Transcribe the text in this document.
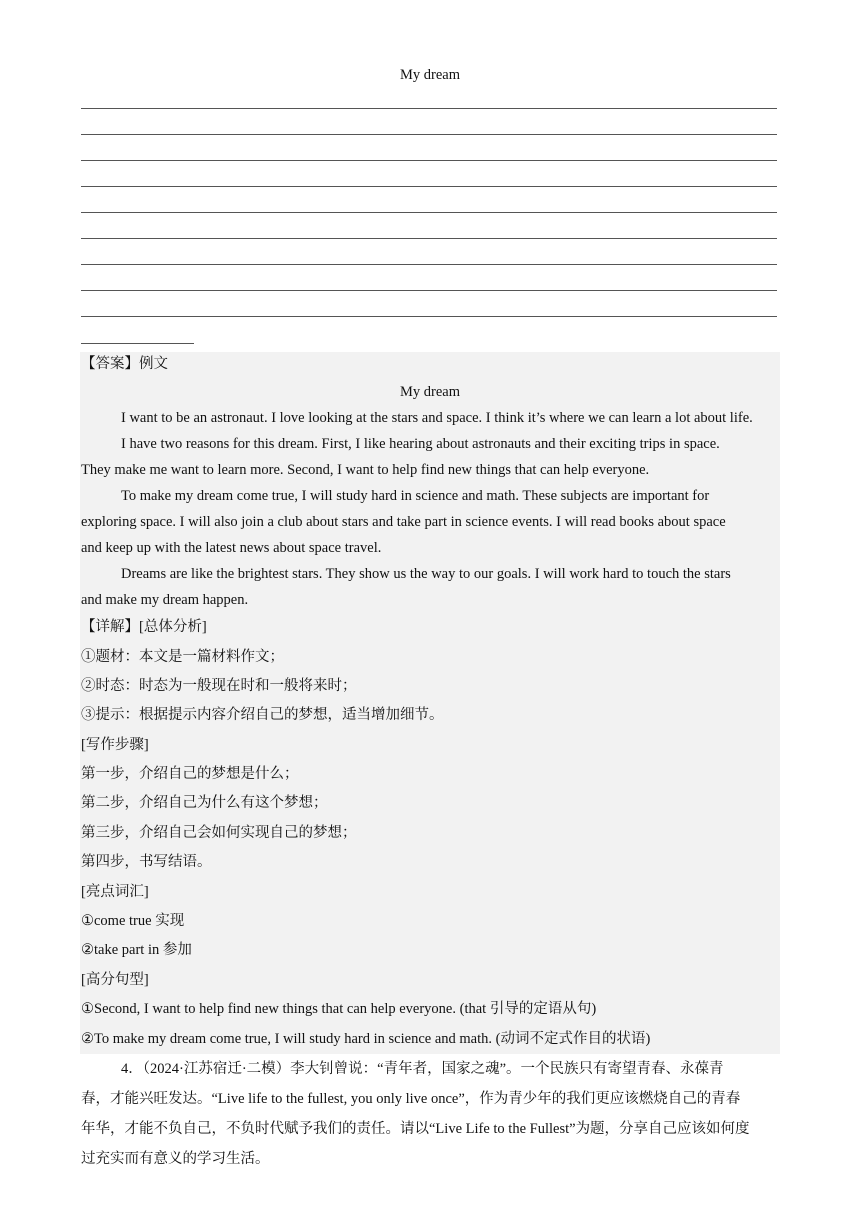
My dream
【答案】例文
My dream
I want to be an astronaut. I love looking at the stars and space. I think it’s where we can learn a lot about life.
I have two reasons for this dream. First, I like hearing about astronauts and their exciting trips in space.
They make me want to learn more. Second, I want to help find new things that can help everyone.
To make my dream come true, I will study hard in science and math. These subjects are important for
exploring space. I will also join a club about stars and take part in science events. I will read books about space
and keep up with the latest news about space travel.
Dreams are like the brightest stars. They show us the way to our goals. I will work hard to touch the stars
and make my dream happen.
【详解】[总体分析]
①题材：本文是一篇材料作文；
②时态：时态为一般现在时和一般将来时；
③提示：根据提示内容介绍自己的梦想，适当增加细节。
[写作步骤]
第一步，介绍自己的梦想是什么；
第二步，介绍自己为什么有这个梦想；
第三步，介绍自己会如何实现自己的梦想；
第四步，书写结语。
[亮点词汇]
①come true 实现
②take part in 参加
[高分句型]
①Second, I want to help find new things that can help everyone. (that 引导的定语从句)
②To make my dream come true, I will study hard in science and math. (动词不定式作目的状语)
4．（2024·江苏宿迁·二模）李大钊曾说：“青年者，国家之魂”。一个民族只有寄望青春、永葆青
春，才能兴旺发达。“Live life to the fullest, you only live once”，作为青少年的我们更应该燃烧自己的青春
年华，才能不负自己，不负时代赋予我们的责任。请以“Live Life to the Fullest”为题，分享自己应该如何度
过充实而有意义的学习生活。
